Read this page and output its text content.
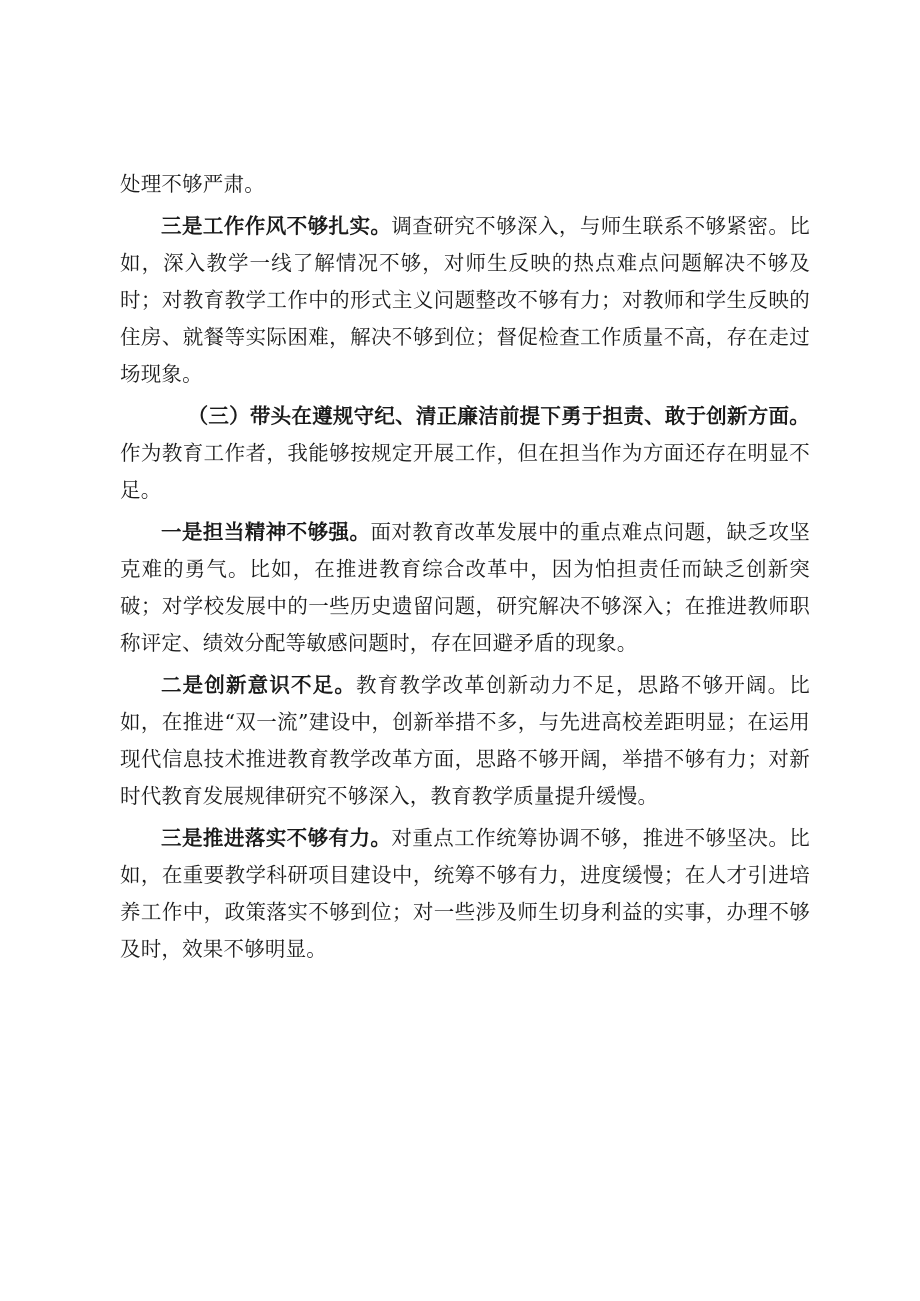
处理不够严肃。

三是工作作风不够扎实。调查研究不够深入，与师生联系不够紧密。比如，深入教学一线了解情况不够，对师生反映的热点难点问题解决不够及时；对教育教学工作中的形式主义问题整改不够有力；对教师和学生反映的住房、就餐等实际困难，解决不够到位；督促检查工作质量不高，存在走过场现象。

（三）带头在遵规守纪、清正廉洁前提下勇于担责、敢于创新方面。作为教育工作者，我能够按规定开展工作，但在担当作为方面还存在明显不足。

一是担当精神不够强。面对教育改革发展中的重点难点问题，缺乏攻坚克难的勇气。比如，在推进教育综合改革中，因为怕担责任而缺乏创新突破；对学校发展中的一些历史遗留问题，研究解决不够深入；在推进教师职称评定、绩效分配等敏感问题时，存在回避矛盾的现象。

二是创新意识不足。教育教学改革创新动力不足，思路不够开阔。比如，在推进“双一流”建设中，创新举措不多，与先进高校差距明显；在运用现代信息技术推进教育教学改革方面，思路不够开阔，举措不够有力；对新时代教育发展规律研究不够深入，教育教学质量提升缓慢。

三是推进落实不够有力。对重点工作统筹协调不够，推进不够坚决。比如，在重要教学科研项目建设中，统筹不够有力，进度缓慢；在人才引进培养工作中，政策落实不够到位；对一些涉及师生切身利益的实事，办理不够及时，效果不够明显。
